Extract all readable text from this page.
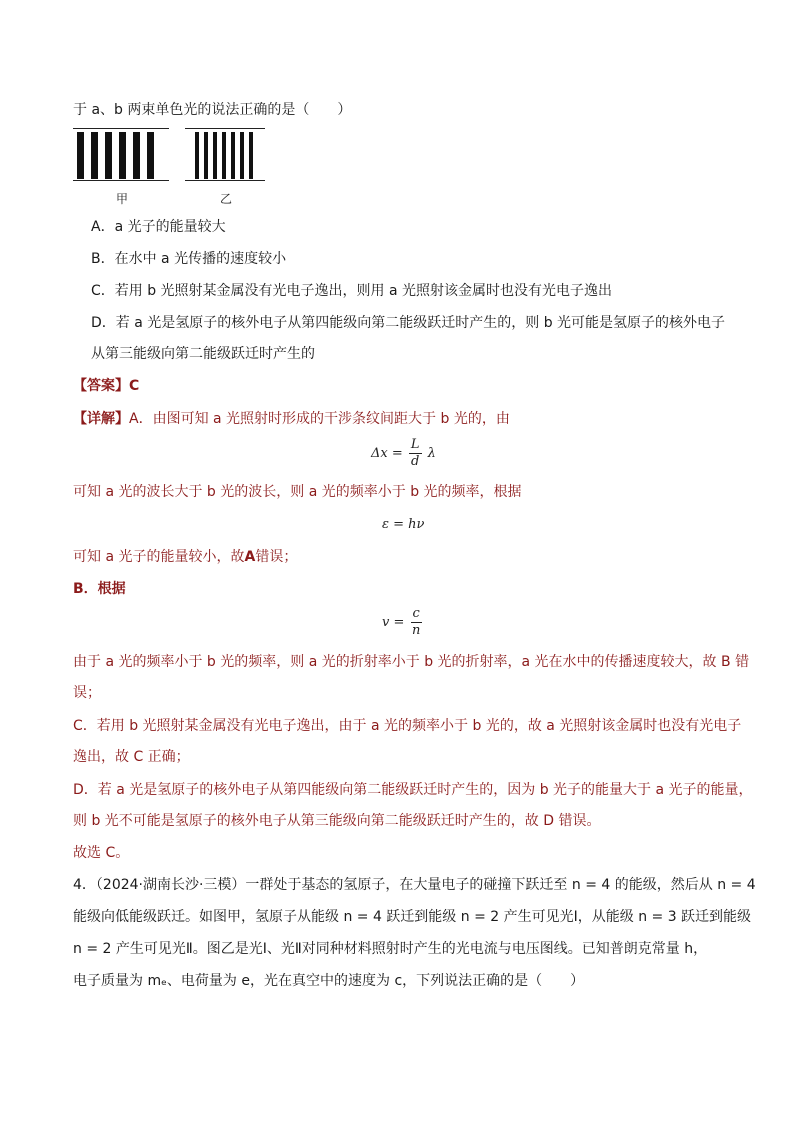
于 a、b 两束单色光的说法正确的是（　　）
甲	乙
A．a 光子的能量较大
B．在水中 a 光传播的速度较小
C．若用 b 光照射某金属没有光电子逸出，则用 a 光照射该金属时也没有光电子逸出
D．若 a 光是氢原子的核外电子从第四能级向第二能级跃迁时产生的，则 b 光可能是氢原子的核外电子
从第三能级向第二能级跃迁时产生的
【答案】C
【详解】A．由图可知 a 光照射时形成的干涉条纹间距大于 b 光的，由
$\Delta x = \frac{L}{d}$ λ
可知 a 光的波长大于 b 光的波长，则 a 光的频率小于 b 光的频率，根据
ε = hν
可知 a 光子的能量较小，故A错误；
B．根据
$v = \frac{c}{n}$
由于 a 光的频率小于 b 光的频率，则 a 光的折射率小于 b 光的折射率，a 光在水中的传播速度较大，故 B 错
误；
C．若用 b 光照射某金属没有光电子逸出，由于 a 光的频率小于 b 光的，故 a 光照射该金属时也没有光电子
逸出，故 C 正确；
D．若 a 光是氢原子的核外电子从第四能级向第二能级跃迁时产生的，因为 b 光子的能量大于 a 光子的能量，
则 b 光不可能是氢原子的核外电子从第三能级向第二能级跃迁时产生的，故 D 错误。
故选 C。
4．（2024·湖南长沙·三模）一群处于基态的氢原子，在大量电子的碰撞下跃迁至 n = 4 的能级，然后从 n = 4
能级向低能级跃迁。如图甲，氢原子从能级 n = 4 跃迁到能级 n = 2 产生可见光Ⅰ，从能级 n = 3 跃迁到能级
n = 2 产生可见光Ⅱ。图乙是光Ⅰ、光Ⅱ对同种材料照射时产生的光电流与电压图线。已知普朗克常量 h，
电子质量为 mₑ、电荷量为 e，光在真空中的速度为 c，下列说法正确的是（　　）
